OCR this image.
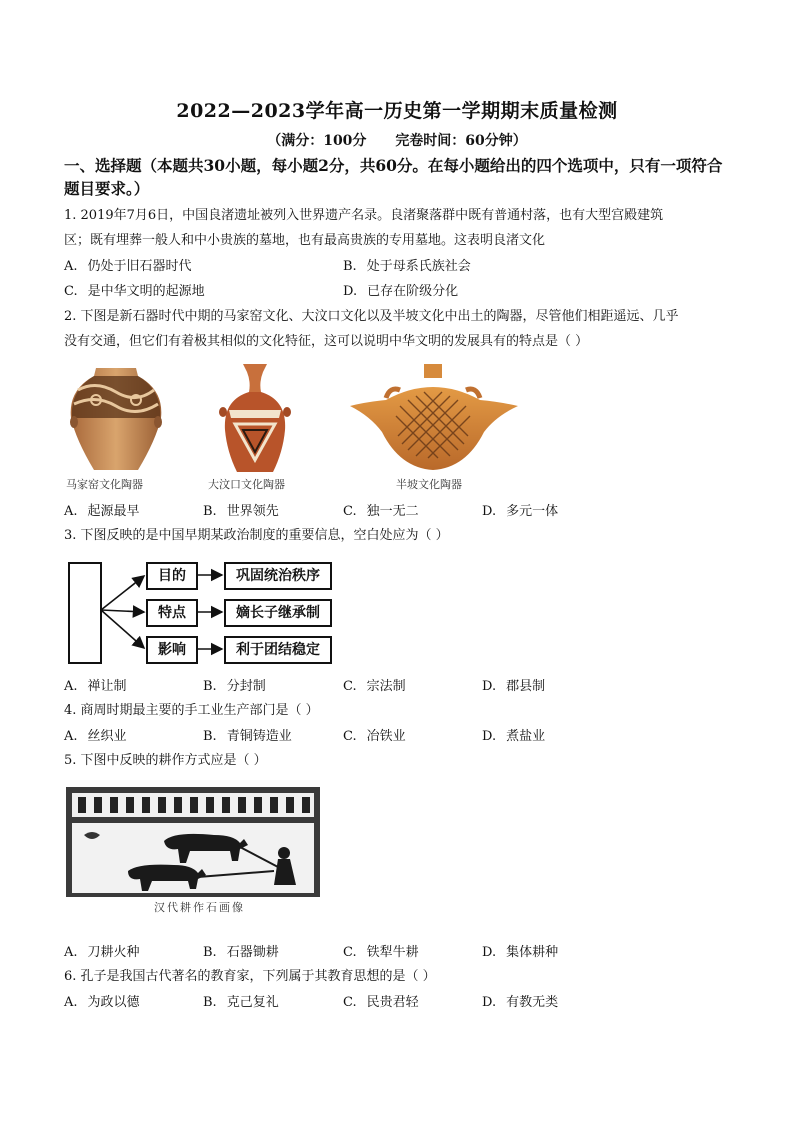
2022—2023学年高一历史第一学期期末质量检测
（满分：100分 完卷时间：60分钟）
一、选择题（本题共30小题，每小题2分，共60分。在每小题给出的四个选项中，只有一项符合题目要求。）
1. 2019年7月6日，中国良渚遗址被列入世界遗产名录。良渚聚落群中既有普通村落，也有大型宫殿建筑
区；既有埋葬一般人和中小贵族的墓地，也有最高贵族的专用墓地。这表明良渚文化
A. 仍处于旧石器时代	B. 处于母系氏族社会
C. 是中华文明的起源地	D. 已存在阶级分化
2. 下图是新石器时代中期的马家窑文化、大汶口文化以及半坡文化中出土的陶器，尽管他们相距遥远、几乎
没有交通，但它们有着极其相似的文化特征，这可以说明中华文明的发展具有的特点是（ ）
马家窑文化陶器	大汶口文化陶器	半坡文化陶器
A. 起源最早	B. 世界领先	C. 独一无二	D. 多元一体
3. 下图反映的是中国早期某政治制度的重要信息，空白处应为（ ）
目的
特点
影响
巩固统治秩序
嫡长子继承制
利于团结稳定
A. 禅让制	B. 分封制	C. 宗法制	D. 郡县制
4. 商周时期最主要的手工业生产部门是（ ）
A. 丝织业	B. 青铜铸造业	C. 冶铁业	D. 煮盐业
5. 下图中反映的耕作方式应是（ ）
汉代耕作石画像
A. 刀耕火种	B. 石器锄耕	C. 铁犁牛耕	D. 集体耕种
6. 孔子是我国古代著名的教育家，下列属于其教育思想的是（ ）
A. 为政以德	B. 克己复礼	C. 民贵君轻	D. 有教无类
